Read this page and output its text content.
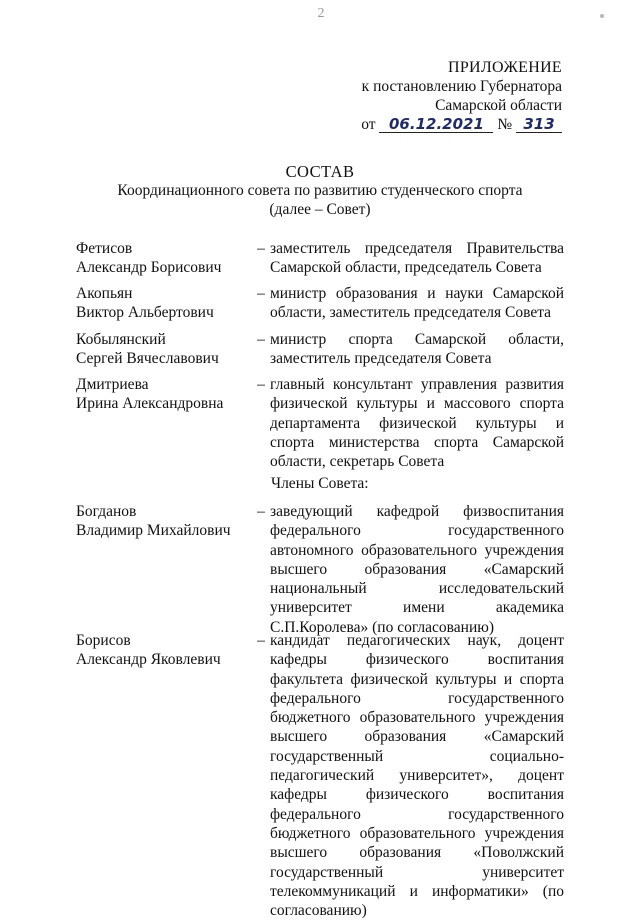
2
ПРИЛОЖЕНИЕ
к постановлению Губернатора
Самарской области
от 06.12.2021 № 313
СОСТАВ
Координационного совета по развитию студенческого спорта
(далее – Совет)
Фетисов
Александр Борисович
– заместитель председателя Правительства Самарской области, председатель Совета
Акопьян
Виктор Альбертович
– министр образования и науки Самарской области, заместитель председателя Совета
Кобылянский
Сергей Вячеславович
– министр спорта Самарской области, заместитель председателя Совета
Дмитриева
Ирина Александровна
– главный консультант управления развития физической культуры и массового спорта департамента физической культуры и спорта министерства спорта Самарской области, секретарь Совета
Члены Совета:
Богданов
Владимир Михайлович
– заведующий кафедрой физвоспитания федерального государственного автономного образовательного учреждения высшего образования «Самарский национальный исследовательский университет имени академика С.П.Королева» (по согласованию)
Борисов
Александр Яковлевич
– кандидат педагогических наук, доцент кафедры физического воспитания факультета физической культуры и спорта федерального государственного бюджетного образовательного учреждения высшего образования «Самарский государственный социально-педагогический университет», доцент кафедры физического воспитания федерального государственного бюджетного образовательного учреждения высшего образования «Поволжский государственный университет телекоммуникаций и информатики» (по согласованию)
